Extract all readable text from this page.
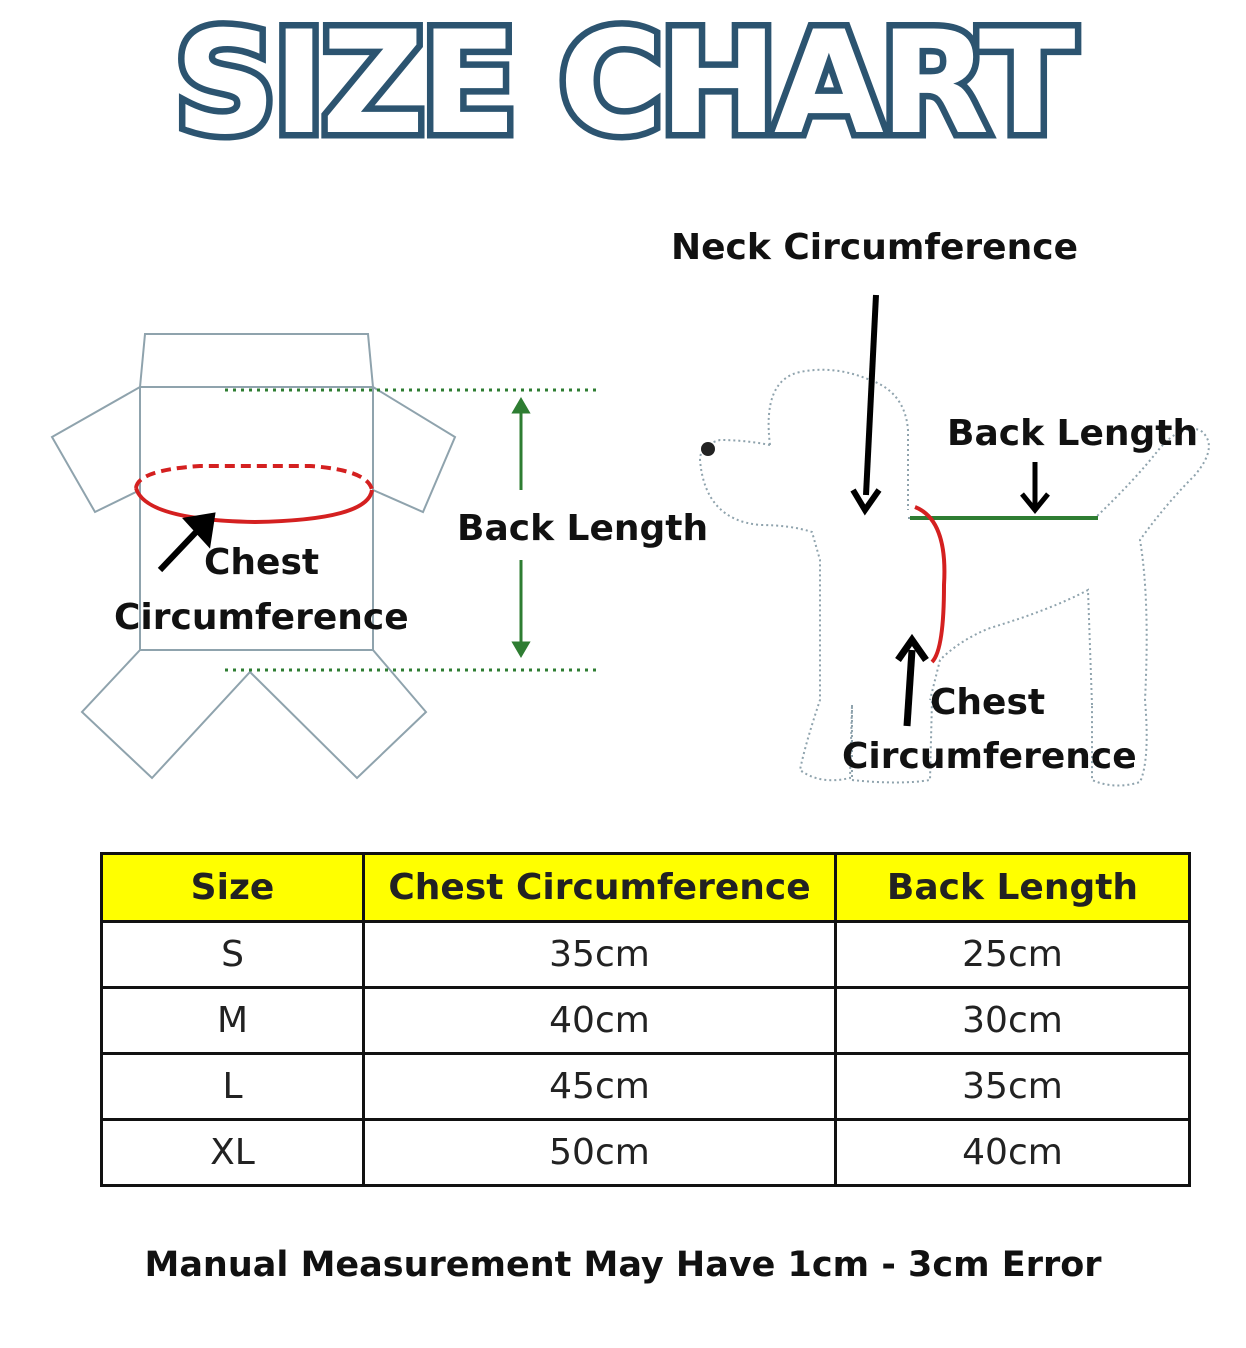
SIZE CHART
Chest
Circumference
Back Length
Neck Circumference
Back Length
Chest
Circumference
Size	Chest Circumference	Back Length
S	35cm	25cm
M	40cm	30cm
L	45cm	35cm
XL	50cm	40cm
Manual Measurement May Have 1cm - 3cm Error
